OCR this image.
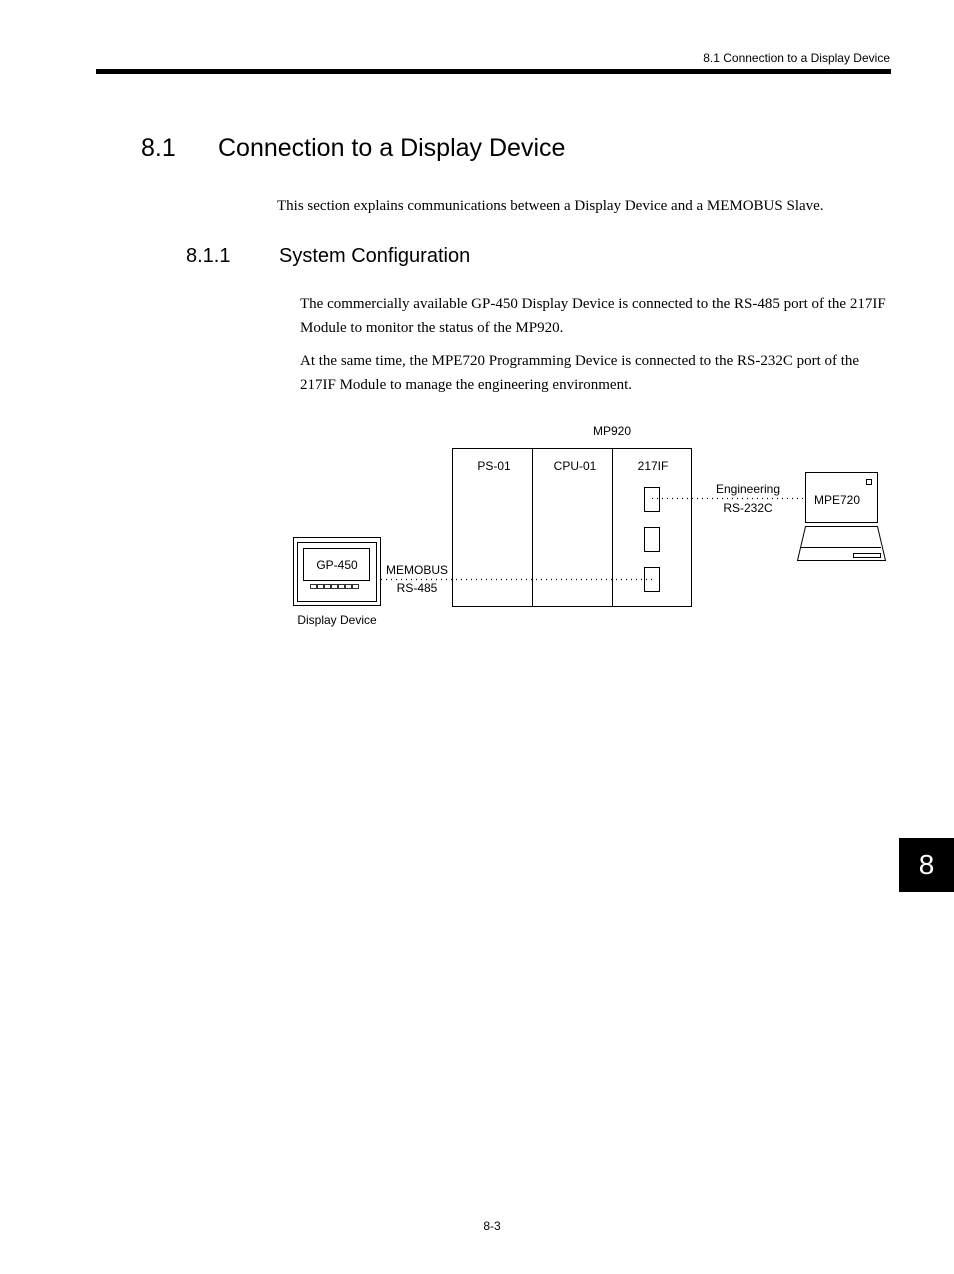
8.1 Connection to a Display Device
8.1 Connection to a Display Device
This section explains communications between a Display Device and a MEMOBUS Slave.
8.1.1 System Configuration
The commercially available GP-450 Display Device is connected to the RS-485 port of the 217IF Module to monitor the status of the MP920.
At the same time, the MPE720 Programming Device is connected to the RS-232C port of the 217IF Module to manage the engineering environment.
MP920
PS-01	CPU-01	217IF
GP-450
Display Device
MEMOBUS
RS-485
Engineering
RS-232C
MPE720
8
8-3
